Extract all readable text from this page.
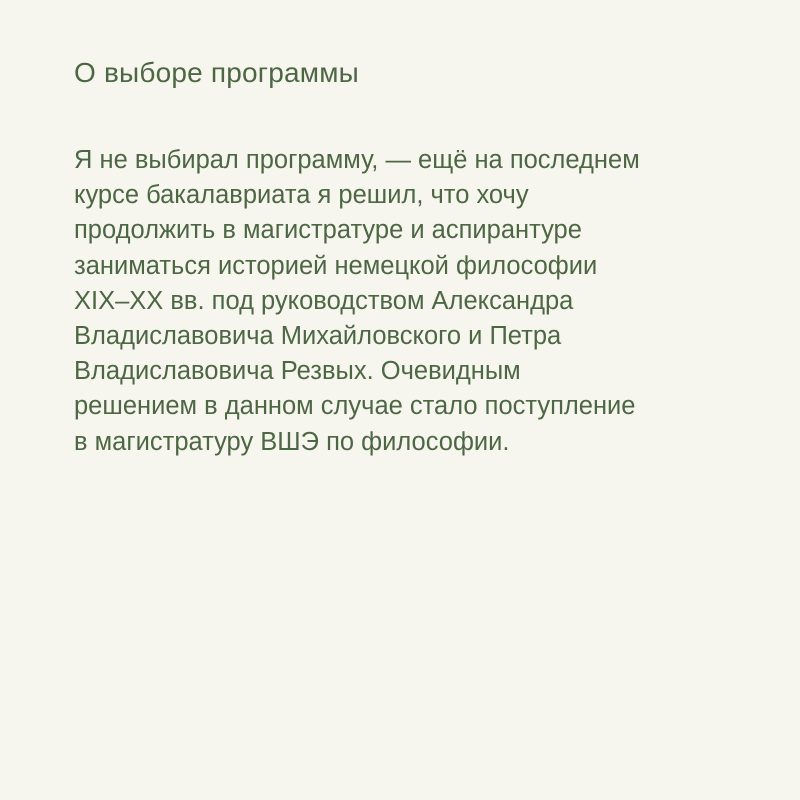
О выборе программы

Я не выбирал программу, — ещё на последнем
курсе бакалавриата я решил, что хочу
продолжить в магистратуре и аспирантуре
заниматься историей немецкой философии
XIX–XX вв. под руководством Александра
Владиславовича Михайловского и Петра
Владиславовича Резвых. Очевидным
решением в данном случае стало поступление
в магистратуру ВШЭ по философии.
